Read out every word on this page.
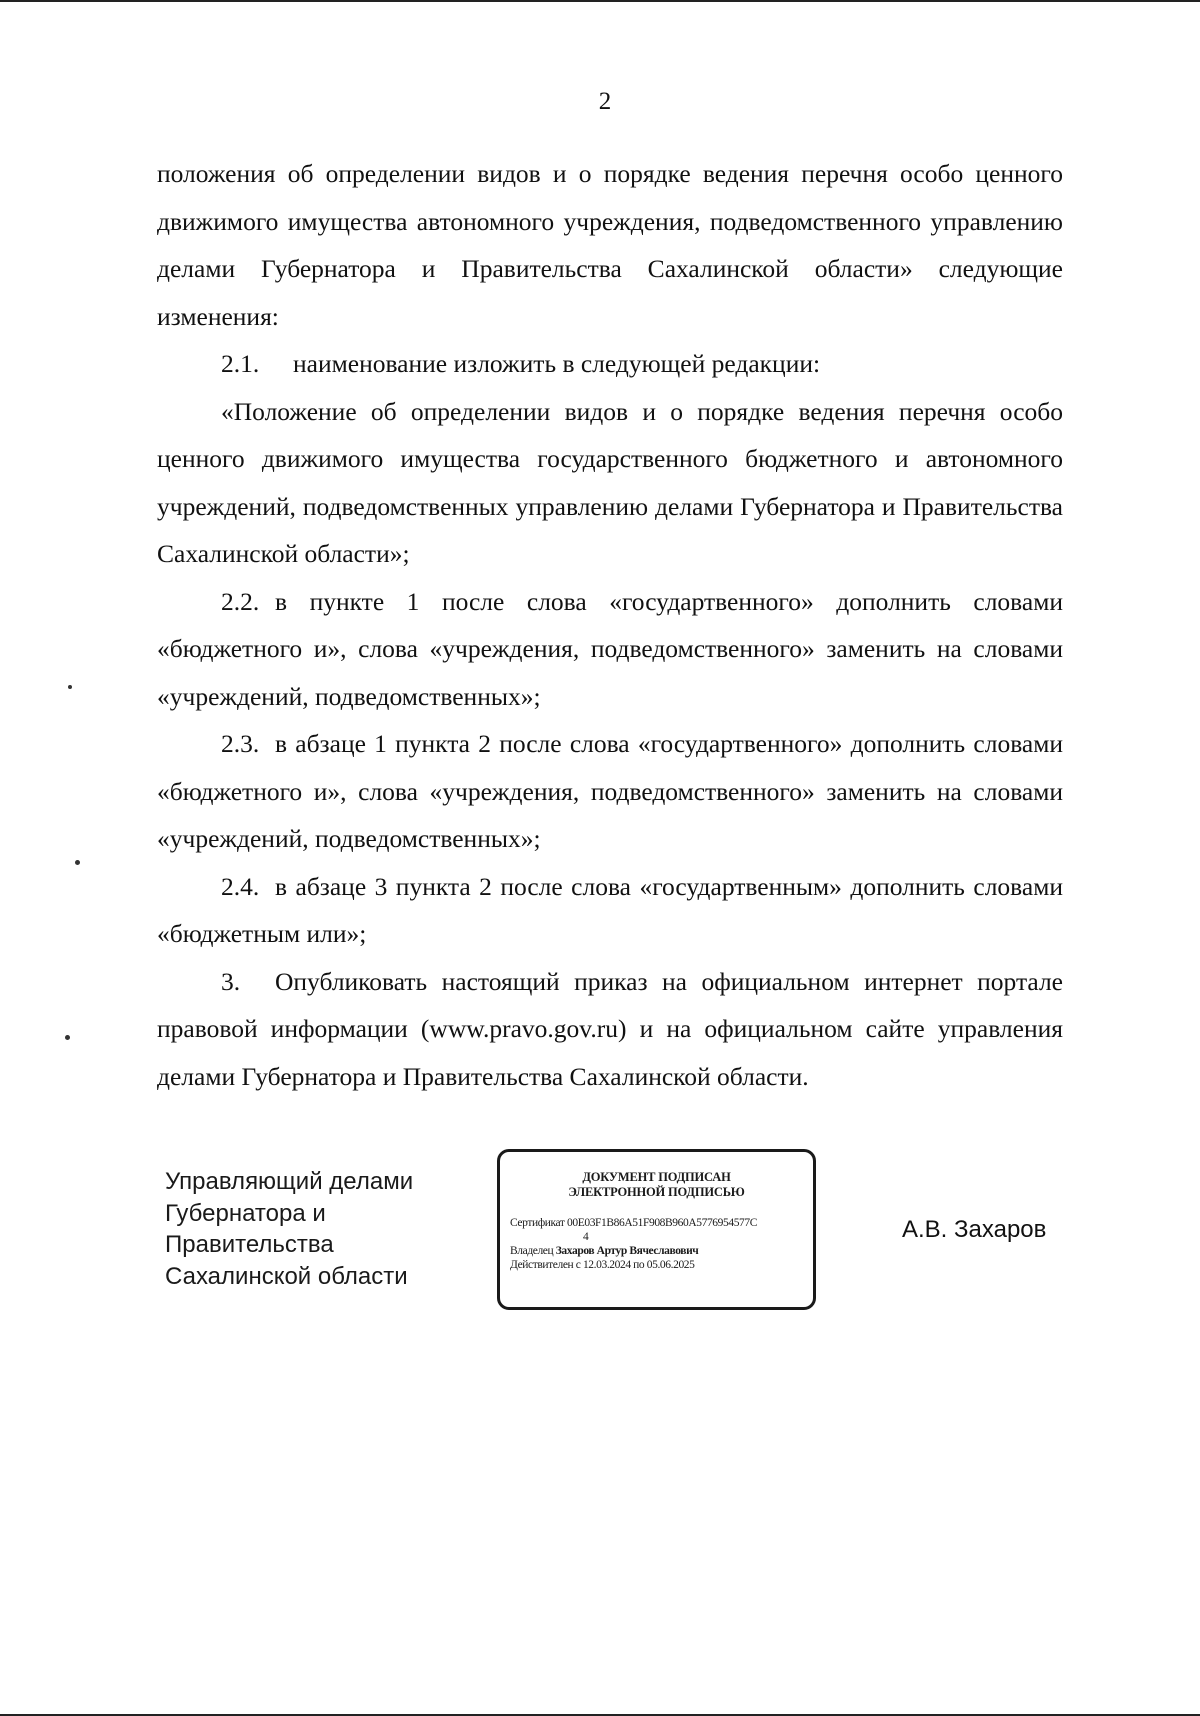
2

положения об определении видов и о порядке ведения перечня особо ценного движимого имущества автономного учреждения, подведомственного управлению делами Губернатора и Правительства Сахалинской области» следующие изменения:

2.1. наименование изложить в следующей редакции:

«Положение об определении видов и о порядке ведения перечня особо ценного движимого имущества государственного бюджетного и автономного учреждений, подведомственных управлению делами Губернатора и Правительства Сахалинской области»;

2.2. в пункте 1 после слова «государтвенного» дополнить словами «бюджетного и», слова «учреждения, подведомственного» заменить на словами «учреждений, подведомственных»;

2.3. в абзаце 1 пункта 2 после слова «государтвенного» дополнить словами «бюджетного и», слова «учреждения, подведомственного» заменить на словами «учреждений, подведомственных»;

2.4. в абзаце 3 пункта 2 после слова «государтвенным» дополнить словами «бюджетным или»;

3. Опубликовать настоящий приказ на официальном интернет портале правовой информации (www.pravo.gov.ru) и на официальном сайте управления делами Губернатора и Правительства Сахалинской области.

Управляющий делами
Губернатора и
Правительства
Сахалинской области
ДОКУМЕНТ ПОДПИСАН
ЭЛЕКТРОННОЙ ПОДПИСЬЮ
Сертификат 00E03F1B86A51F908B960A5776954577C
4
Владелец Захаров Артур Вячеславович
Действителен с 12.03.2024 по 05.06.2025
А.В. Захаров
